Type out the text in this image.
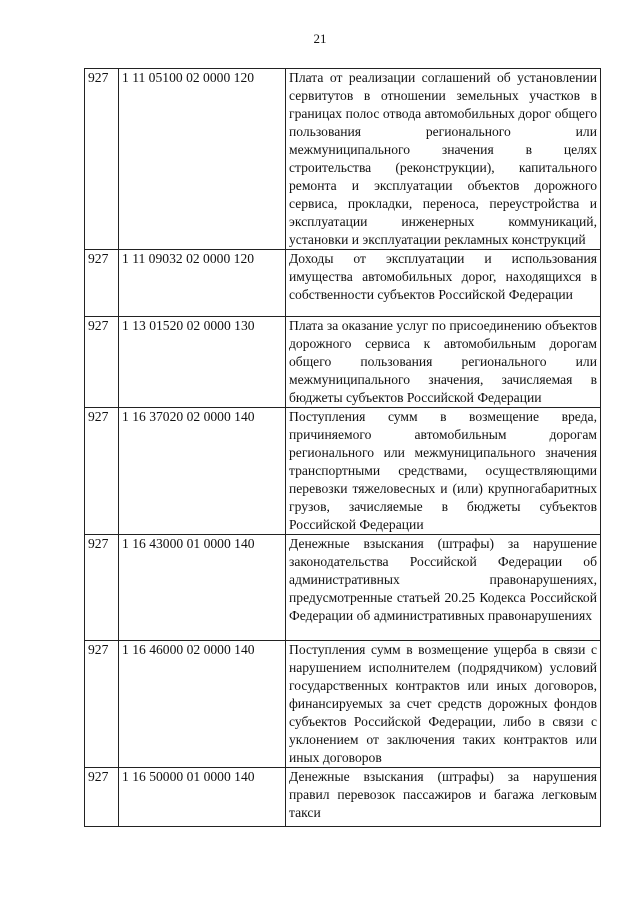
21
927	1 11 05100 02 0000 120	Плата от реализации соглашений об установлении сервитутов в отношении земельных участков в границах полос отвода автомобильных дорог общего пользования регионального или межмуниципального значения в целях строительства (реконструкции), капитального ремонта и эксплуатации объектов дорожного сервиса, прокладки, переноса, переустройства и эксплуатации инженерных коммуникаций, установки и эксплуатации рекламных конструкций
927	1 11 09032 02 0000 120	Доходы от эксплуатации и использования имущества автомобильных дорог, находящихся в собственности субъектов Российской Федерации
927	1 13 01520 02 0000 130	Плата за оказание услуг по присоединению объектов дорожного сервиса к автомобильным дорогам общего пользования регионального или межмуниципального значения, зачисляемая в бюджеты субъектов Российской Федерации
927	1 16 37020 02 0000 140	Поступления сумм в возмещение вреда, причиняемого автомобильным дорогам регионального или межмуниципального значения транспортными средствами, осуществляющими перевозки тяжеловесных и (или) крупногабаритных грузов, зачисляемые в бюджеты субъектов Российской Федерации
927	1 16 43000 01 0000 140	Денежные взыскания (штрафы) за нарушение законодательства Российской Федерации об административных правонарушениях, предусмотренные статьей 20.25 Кодекса Российской Федерации об административных правонарушениях
927	1 16 46000 02 0000 140	Поступления сумм в возмещение ущерба в связи с нарушением исполнителем (подрядчиком) условий государственных контрактов или иных договоров, финансируемых за счет средств дорожных фондов субъектов Российской Федерации, либо в связи с уклонением от заключения таких контрактов или иных договоров
927	1 16 50000 01 0000 140	Денежные взыскания (штрафы) за нарушения правил перевозок пассажиров и багажа легковым такси
